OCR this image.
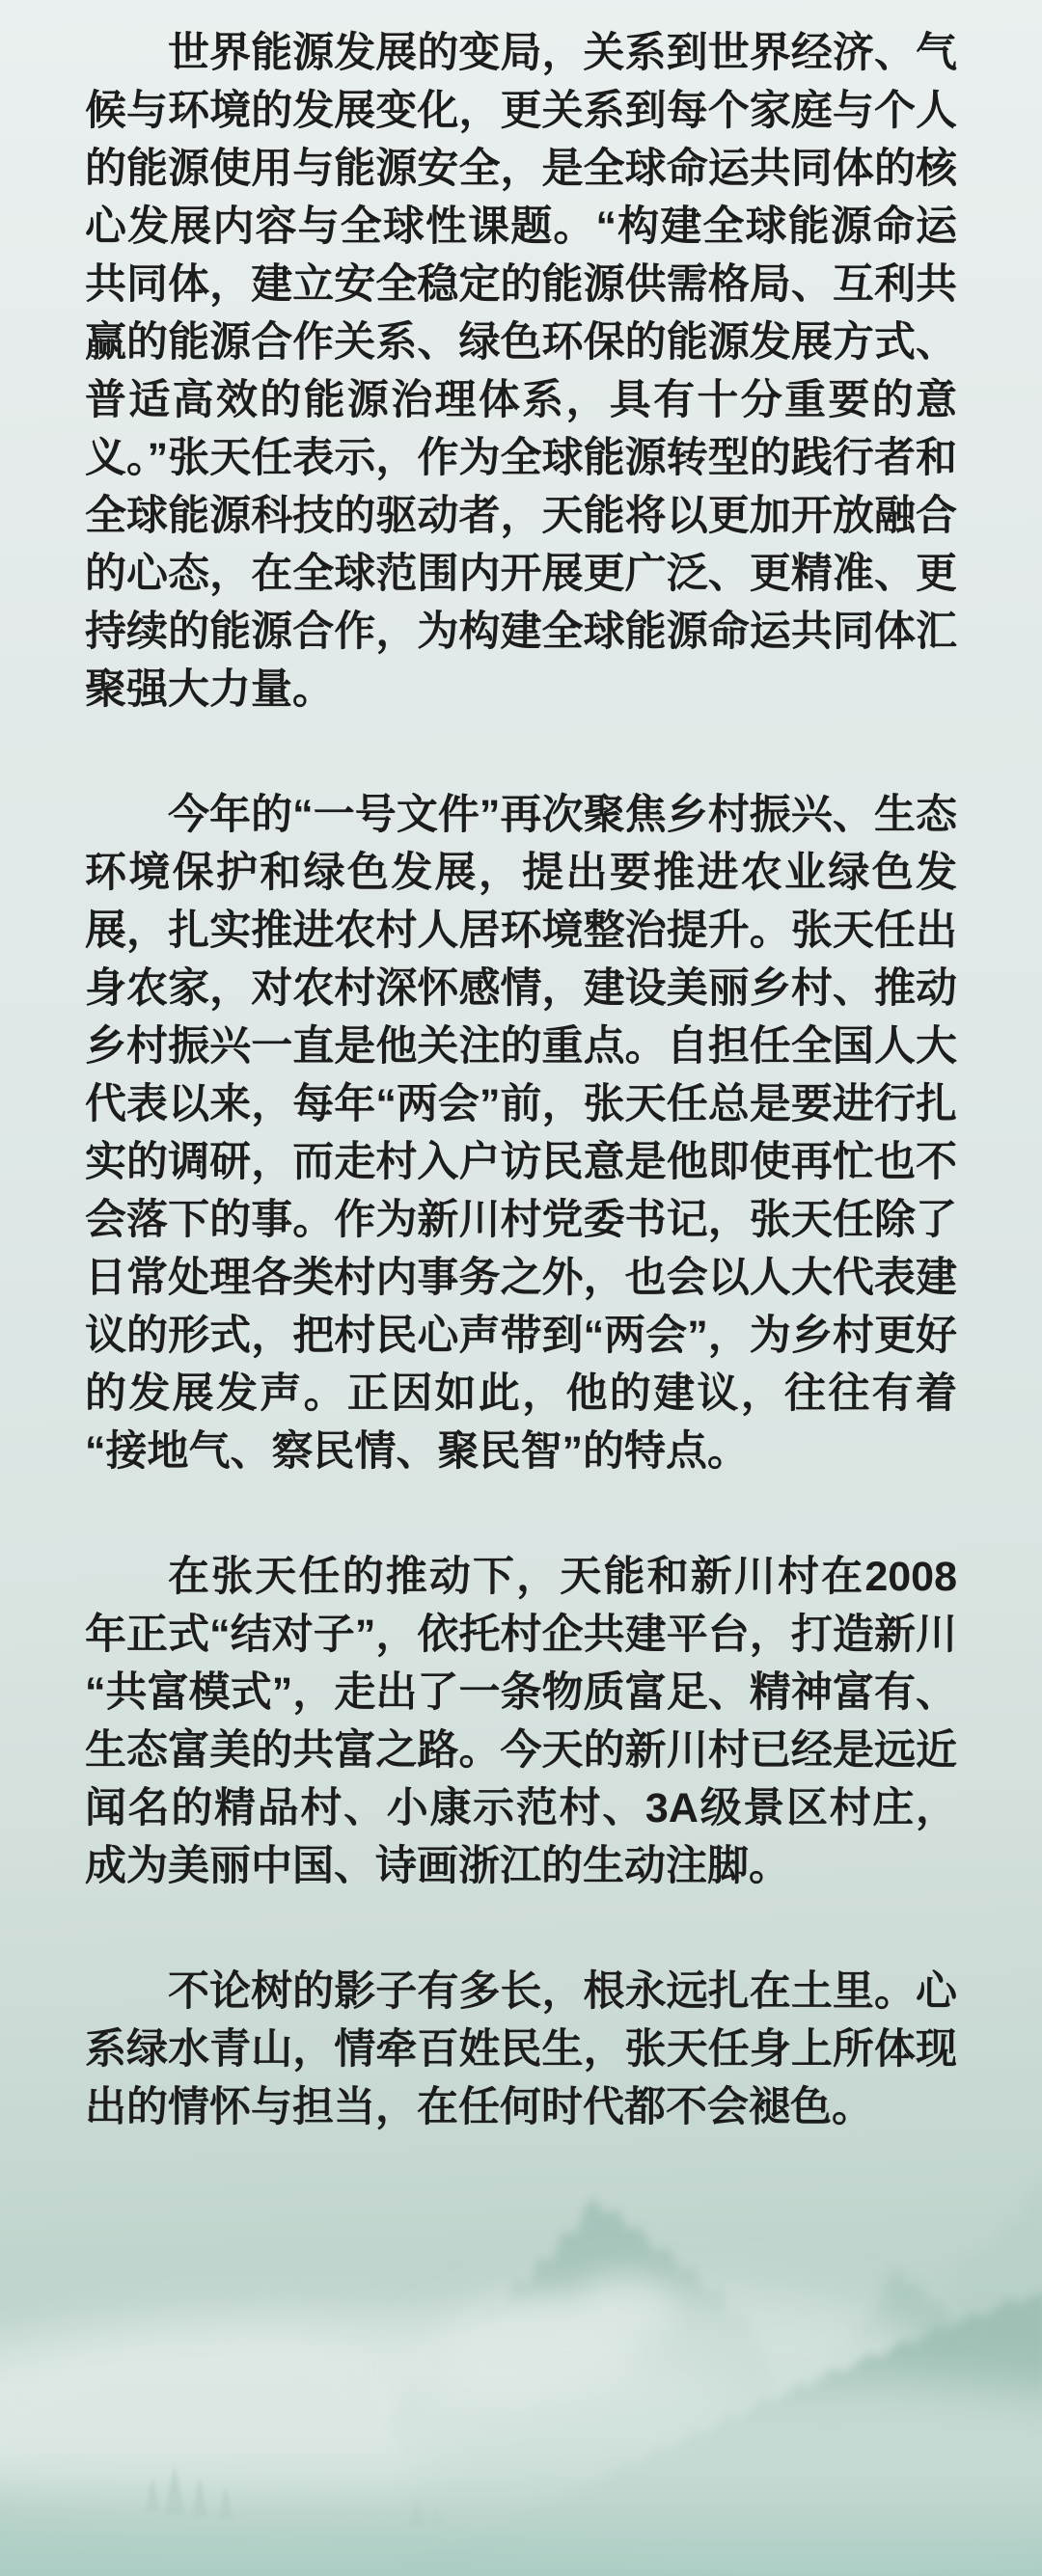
世界能源发展的变局，关系到世界经济、气候与环境的发展变化，更关系到每个家庭与个人的能源使用与能源安全，是全球命运共同体的核心发展内容与全球性课题。“构建全球能源命运共同体，建立安全稳定的能源供需格局、互利共赢的能源合作关系、绿色环保的能源发展方式、普适高效的能源治理体系，具有十分重要的意义。”张天任表示，作为全球能源转型的践行者和全球能源科技的驱动者，天能将以更加开放融合的心态，在全球范围内开展更广泛、更精准、更持续的能源合作，为构建全球能源命运共同体汇聚强大力量。

今年的“一号文件”再次聚焦乡村振兴、生态环境保护和绿色发展，提出要推进农业绿色发展，扎实推进农村人居环境整治提升。张天任出身农家，对农村深怀感情，建设美丽乡村、推动乡村振兴一直是他关注的重点。自担任全国人大代表以来，每年“两会”前，张天任总是要进行扎实的调研，而走村入户访民意是他即使再忙也不会落下的事。作为新川村党委书记，张天任除了日常处理各类村内事务之外，也会以人大代表建议的形式，把村民心声带到“两会”，为乡村更好的发展发声。正因如此，他的建议，往往有着“接地气、察民情、聚民智”的特点。

在张天任的推动下，天能和新川村在2008年正式“结对子”，依托村企共建平台，打造新川“共富模式”，走出了一条物质富足、精神富有、生态富美的共富之路。今天的新川村已经是远近闻名的精品村、小康示范村、3A级景区村庄，成为美丽中国、诗画浙江的生动注脚。

不论树的影子有多长，根永远扎在土里。心系绿水青山，情牵百姓民生，张天任身上所体现出的情怀与担当，在任何时代都不会褪色。
